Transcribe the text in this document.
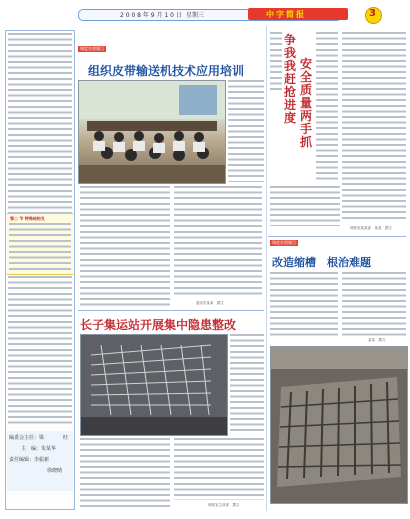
2 0 0 8 年 9 月 1 0 日 星期三	中字简报	3
第二 节 特殊结构支
编委会主任：梁	旺
主　编：朱某华
责任编辑：李振新
徐晓晴
调度室理题目
组织皮带输送机技术应用培训
通讯员某某　撰文
长子集运站开展集中隐患整改
调度室主营部　撰文
争我我赶抢进度
安全质量两手抓
调度室某某部　某某　撰文
调度室理题目
改造缩槽　根治难题
某某　撰文
